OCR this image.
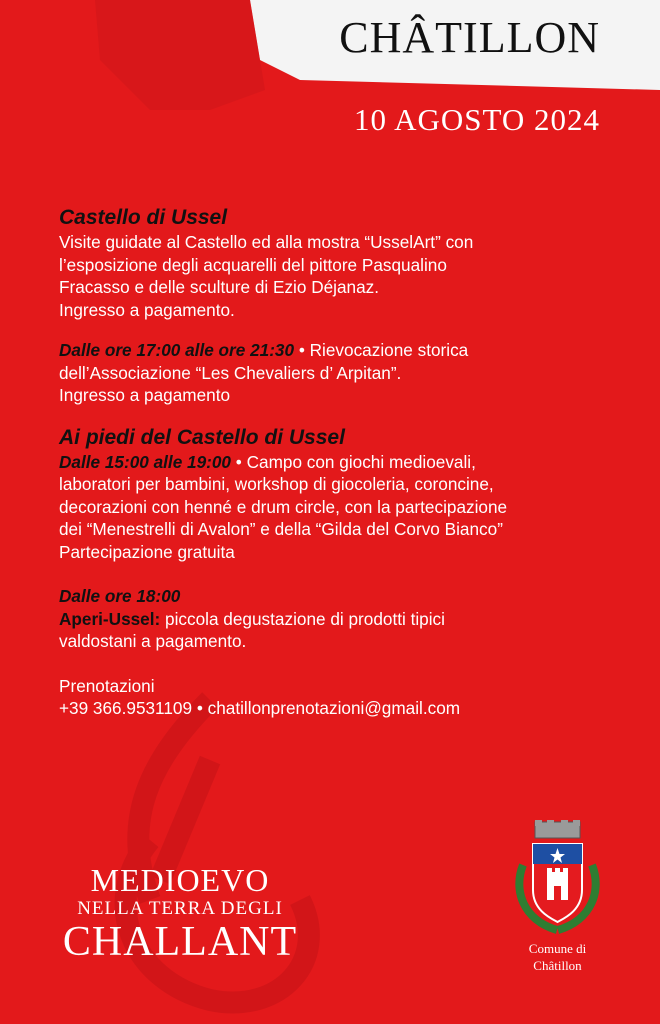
CHÂTILLON
10 AGOSTO 2024
Castello di Ussel

Visite guidate al Castello ed alla mostra “UsselArt” con

l’esposizione degli acquarelli del pittore Pasqualino

Fracasso e delle sculture di Ezio Déjanaz.

Ingresso a pagamento.

Dalle ore 17:00 alle ore 21:30 • Rievocazione storica

dell’Associazione “Les Chevaliers d’ Arpitan”.

Ingresso a pagamento

Ai piedi del Castello di Ussel

Dalle 15:00 alle 19:00 • Campo con giochi medioevali,

laboratori per bambini, workshop di giocoleria, coroncine,

decorazioni con henné e drum circle, con la partecipazione

dei “Menestrelli di Avalon” e della “Gilda del Corvo Bianco”

Partecipazione gratuita

Dalle ore 18:00

Aperi-Ussel: piccola degustazione di prodotti tipici

valdostani a pagamento.

Prenotazioni

+39 366.9531109 • chatillonprenotazioni@gmail.com

MEDIOEVO
NELLA TERRA DEGLI
CHALLANT	Comune di
Châtillon
